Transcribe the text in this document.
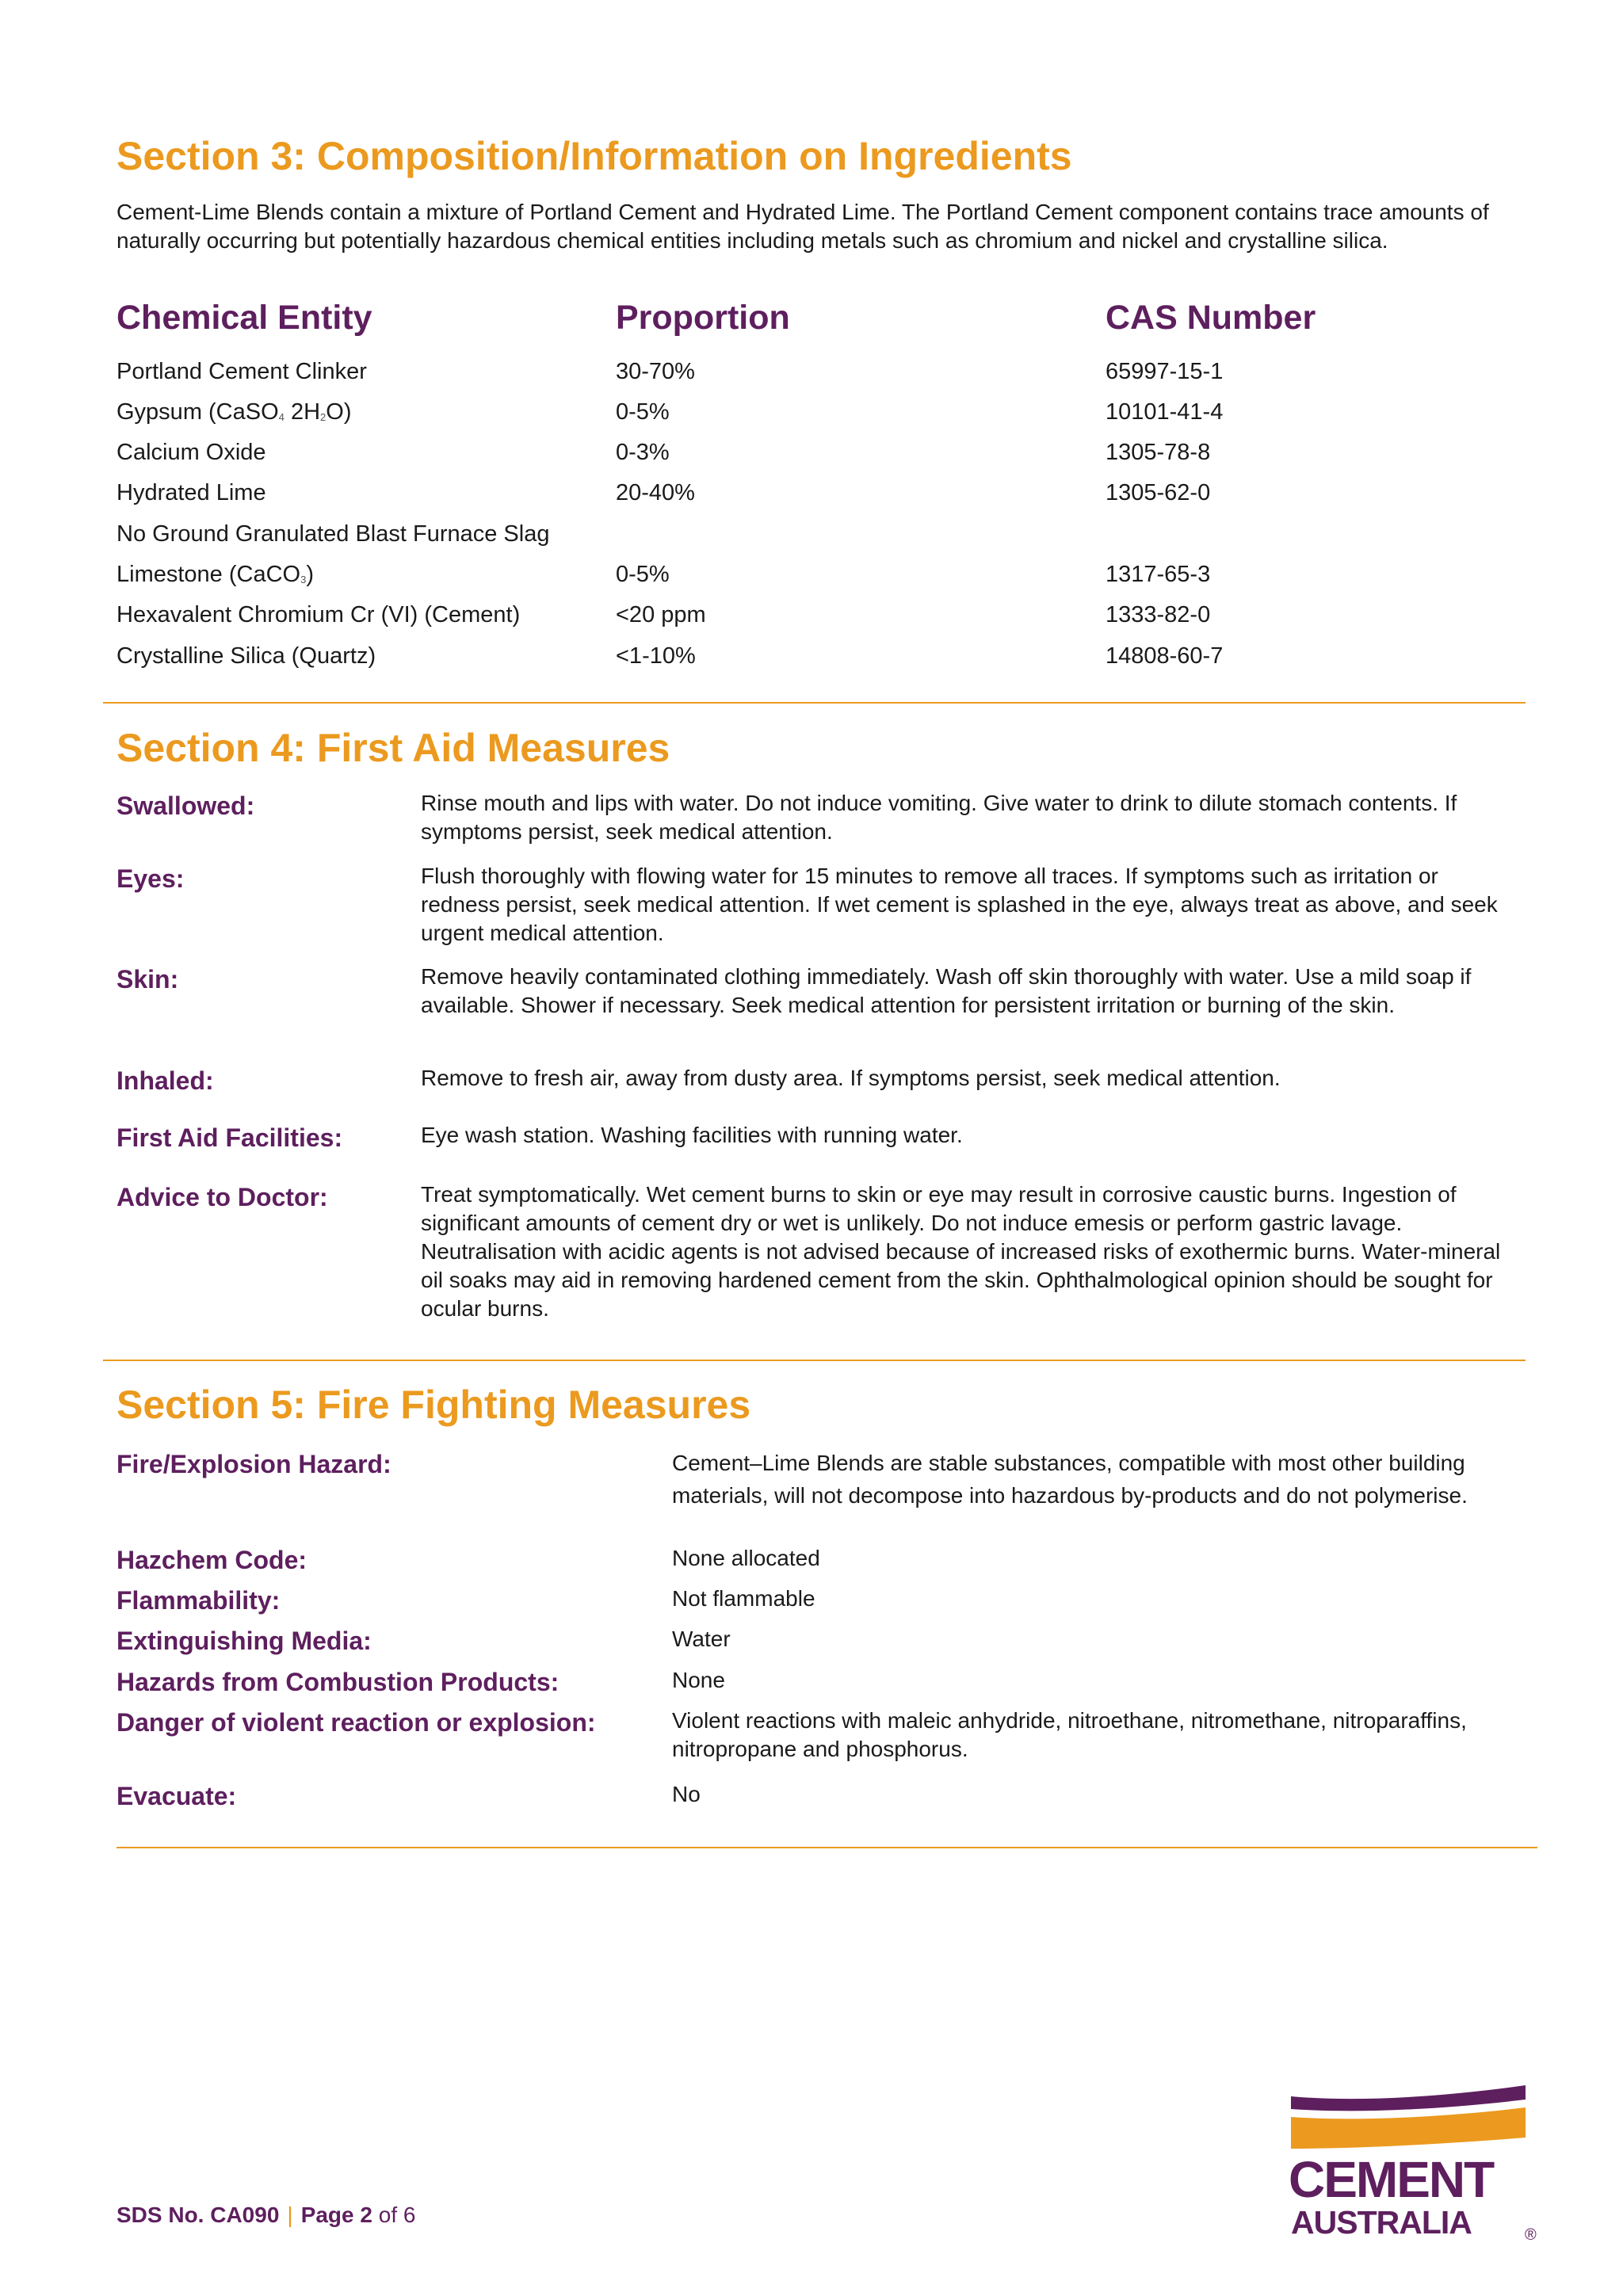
Section 3: Composition/Information on Ingredients

Cement-Lime Blends contain a mixture of Portland Cement and Hydrated Lime. The Portland Cement component contains trace amounts of naturally occurring but potentially hazardous chemical entities including metals such as chromium and nickel and crystalline silica.

Chemical Entity	Proportion	CAS Number
Portland Cement Clinker	30-70%	65997-15-1
Gypsum (CaSO$_4$ $2H_2O$)	0-5%	10101-41-4
Calcium Oxide	0-3%	1305-78-8
Hydrated Lime	20-40%	1305-62-0
No Ground Granulated Blast Furnace Slag
Limestone (CaCO$_3$)	0-5%	1317-65-3
Hexavalent Chromium Cr (VI) (Cement)	<20 ppm	1333-82-0
Crystalline Silica (Quartz)	<1-10%	14808-60-7
Section 4: First Aid Measures
Swallowed:	Rinse mouth and lips with water. Do not induce vomiting. Give water to drink to dilute stomach contents. If symptoms persist, seek medical attention.
Eyes:	Flush thoroughly with flowing water for 15 minutes to remove all traces. If symptoms such as irritation or redness persist, seek medical attention. If wet cement is splashed in the eye, always treat as above, and seek urgent medical attention.
Skin:	Remove heavily contaminated clothing immediately. Wash off skin thoroughly with water. Use a mild soap if available. Shower if necessary. Seek medical attention for persistent irritation or burning of the skin.
Inhaled:	Remove to fresh air, away from dusty area. If symptoms persist, seek medical attention.
First Aid Facilities:	Eye wash station. Washing facilities with running water.
Advice to Doctor:	Treat symptomatically. Wet cement burns to skin or eye may result in corrosive caustic burns. Ingestion of significant amounts of cement dry or wet is unlikely. Do not induce emesis or perform gastric lavage. Neutralisation with acidic agents is not advised because of increased risks of exothermic burns. Water-mineral oil soaks may aid in removing hardened cement from the skin. Ophthalmological opinion should be sought for ocular burns.
Section 5: Fire Fighting Measures
Fire/Explosion Hazard:	Cement–Lime Blends are stable substances, compatible with most other building materials, will not decompose into hazardous by-products and do not polymerise.
Hazchem Code:	None allocated
Flammability:	Not flammable
Extinguishing Media:	Water
Hazards from Combustion Products:	None
Danger of violent reaction or explosion:	Violent reactions with maleic anhydride, nitroethane, nitromethane, nitroparaffins, nitropropane and phosphorus.
Evacuate:	No
SDS No. CA090 | Page 2 of 6
CEMENT
AUSTRALIA	®
